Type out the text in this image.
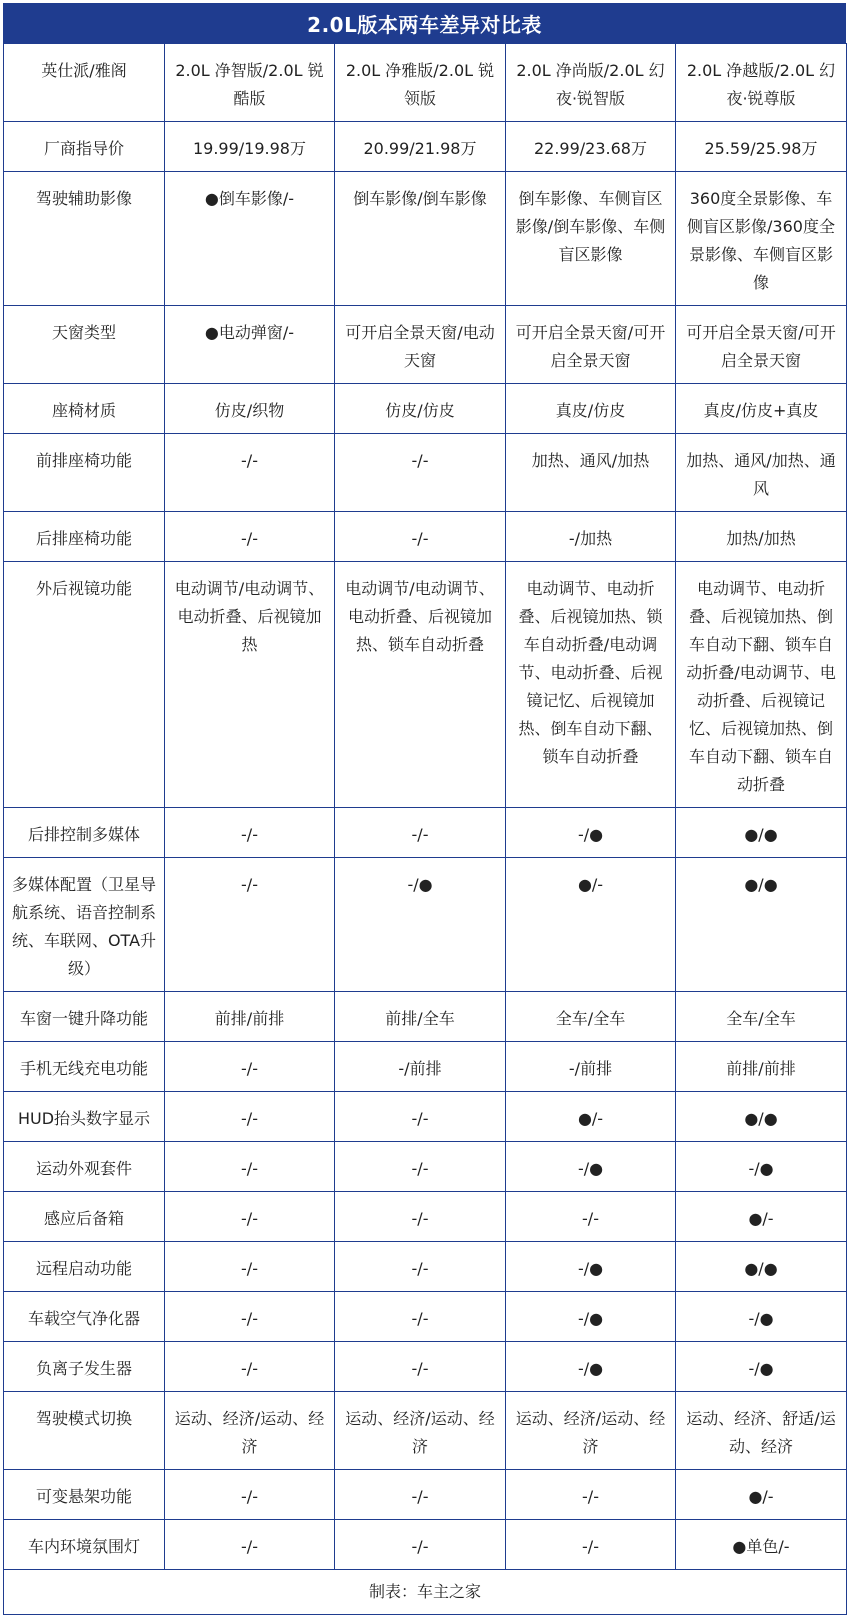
2.0L版本两车差异对比表
英仕派/雅阁	2.0L 净智版/2.0L 锐酷版	2.0L 净雅版/2.0L 锐领版	2.0L 净尚版/2.0L 幻夜·锐智版	2.0L 净越版/2.0L 幻夜·锐尊版
厂商指导价	19.99/19.98万	20.99/21.98万	22.99/23.68万	25.59/25.98万
驾驶辅助影像	●倒车影像/-	倒车影像/倒车影像	倒车影像、车侧盲区影像/倒车影像、车侧盲区影像	360度全景影像、车侧盲区影像/360度全景影像、车侧盲区影像
天窗类型	●电动弹窗/-	可开启全景天窗/电动天窗	可开启全景天窗/可开启全景天窗	可开启全景天窗/可开启全景天窗
座椅材质	仿皮/织物	仿皮/仿皮	真皮/仿皮	真皮/仿皮+真皮
前排座椅功能	-/-	-/-	加热、通风/加热	加热、通风/加热、通风
后排座椅功能	-/-	-/-	-/加热	加热/加热
外后视镜功能	电动调节/电动调节、电动折叠、后视镜加热	电动调节/电动调节、电动折叠、后视镜加热、锁车自动折叠	电动调节、电动折叠、后视镜加热、锁车自动折叠/电动调节、电动折叠、后视镜记忆、后视镜加热、倒车自动下翻、锁车自动折叠	电动调节、电动折叠、后视镜加热、倒车自动下翻、锁车自动折叠/电动调节、电动折叠、后视镜记忆、后视镜加热、倒车自动下翻、锁车自动折叠
后排控制多媒体	-/-	-/-	-/●	●/●
多媒体配置（卫星导航系统、语音控制系统、车联网、OTA升级）	-/-	-/●	●/-	●/●
车窗一键升降功能	前排/前排	前排/全车	全车/全车	全车/全车
手机无线充电功能	-/-	-/前排	-/前排	前排/前排
HUD抬头数字显示	-/-	-/-	●/-	●/●
运动外观套件	-/-	-/-	-/●	-/●
感应后备箱	-/-	-/-	-/-	●/-
远程启动功能	-/-	-/-	-/●	●/●
车载空气净化器	-/-	-/-	-/●	-/●
负离子发生器	-/-	-/-	-/●	-/●
驾驶模式切换	运动、经济/运动、经济	运动、经济/运动、经济	运动、经济/运动、经济	运动、经济、舒适/运动、经济
可变悬架功能	-/-	-/-	-/-	●/-
车内环境氛围灯	-/-	-/-	-/-	●单色/-
制表：车主之家				
